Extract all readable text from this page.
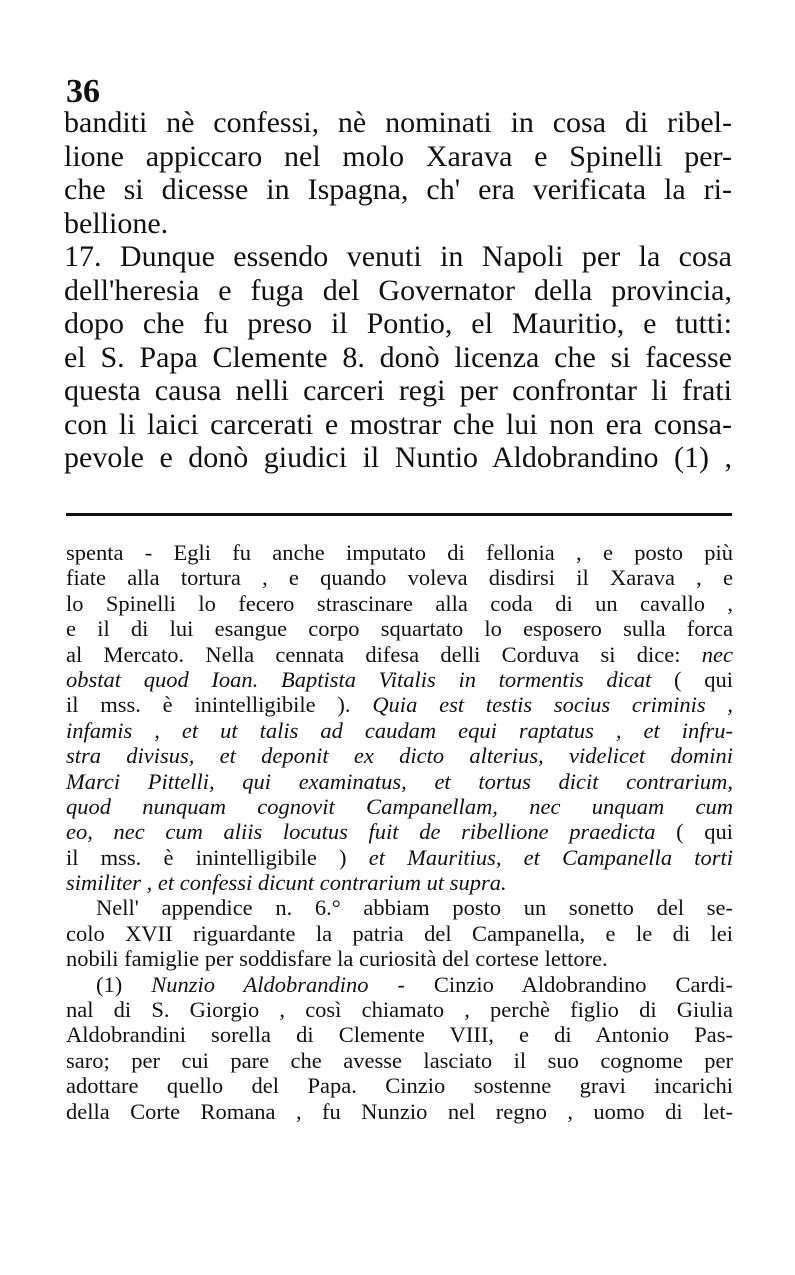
36
banditi nè confessi, nè nominati in cosa di ribel-
lione appiccaro nel molo Xarava e Spinelli per-
che si dicesse in Ispagna, ch' era verificata la ri-
bellione.
17. Dunque essendo venuti in Napoli per la cosa
dell'heresia e fuga del Governator della provincia,
dopo che fu preso il Pontio, el Mauritio, e tutti:
el S. Papa Clemente 8. donò licenza che si facesse
questa causa nelli carceri regi per confrontar li frati
con li laici carcerati e mostrar che lui non era consa-
pevole e donò giudici il Nuntio Aldobrandino (1) ,
spenta - Egli fu anche imputato di fellonia , e posto più
fiate alla tortura , e quando voleva disdirsi il Xarava , e
lo Spinelli lo fecero strascinare alla coda di un cavallo ,
e il di lui esangue corpo squartato lo esposero sulla forca
al Mercato. Nella cennata difesa delli Corduva si dice: nec
obstat quod Ioan. Baptista Vitalis in tormentis dicat ( qui
il mss. è inintelligibile ). Quia est testis socius criminis ,
infamis , et ut talis ad caudam equi raptatus , et infru-
stra divisus, et deponit ex dicto alterius, videlicet domini
Marci Pittelli, qui examinatus, et tortus dicit contrarium,
quod nunquam cognovit Campanellam, nec unquam cum
eo, nec cum aliis locutus fuit de ribellione praedicta ( qui
il mss. è inintelligibile ) et Mauritius, et Campanella torti
similiter , et confessi dicunt contrarium ut supra.
Nell' appendice n. 6.° abbiam posto un sonetto del se-
colo XVII riguardante la patria del Campanella, e le di lei
nobili famiglie per soddisfare la curiosità del cortese lettore.
(1) Nunzio Aldobrandino - Cinzio Aldobrandino Cardi-
nal di S. Giorgio , così chiamato , perchè figlio di Giulia
Aldobrandini sorella di Clemente VIII, e di Antonio Pas-
saro; per cui pare che avesse lasciato il suo cognome per
adottare quello del Papa. Cinzio sostenne gravi incarichi
della Corte Romana , fu Nunzio nel regno , uomo di let-
